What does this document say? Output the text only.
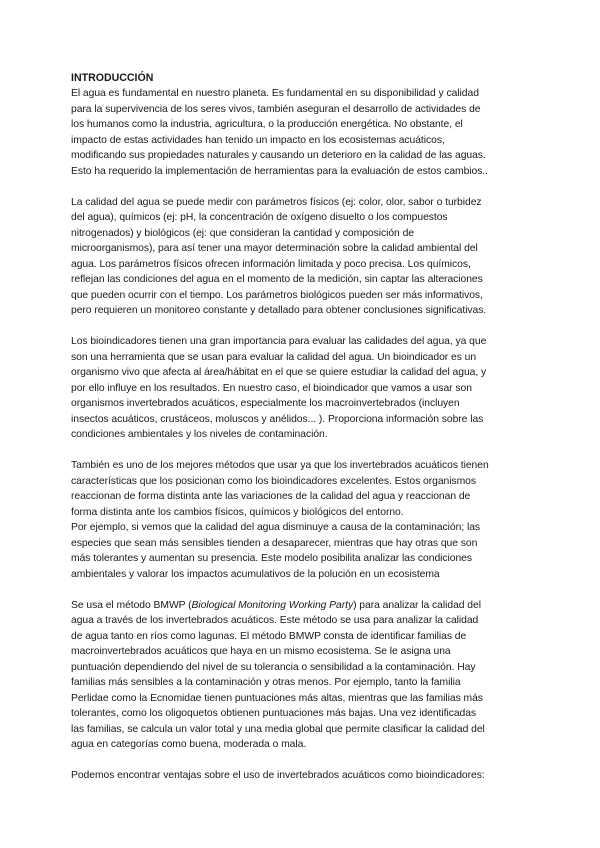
INTRODUCCIÓN

El agua es fundamental en nuestro planeta. Es fundamental en su disponibilidad y calidad
para la supervivencia de los seres vivos, también aseguran el desarrollo de actividades de
los humanos como la industria, agricultura, o la producción energética. No obstante, el
impacto de estas actividades han tenido un impacto en los ecosistemas acuáticos,
modificando sus propiedades naturales y causando un deterioro en la calidad de las aguas.
Esto ha requerido la implementación de herramientas para la evaluación de estos cambios..

La calidad del agua se puede medir con parámetros físicos (ej: color, olor, sabor o turbidez
del agua), químicos (ej: pH, la concentración de oxígeno disuelto o los compuestos
nitrogenados) y biológicos (ej: que consideran la cantidad y composición de
microorganismos), para así tener una mayor determinación sobre la calidad ambiental del
agua. Los parámetros físicos ofrecen información limitada y poco precisa. Los químicos,
reflejan las condiciones del agua en el momento de la medición, sin captar las alteraciones
que pueden ocurrir con el tiempo. Los parámetros biológicos pueden ser más informativos,
pero requieren un monitoreo constante y detallado para obtener conclusiones significativas.

Los bioindicadores tienen una gran importancia para evaluar las calidades del agua, ya que
son una herramienta que se usan para evaluar la calidad del agua. Un bioindicador es un
organismo vivo que afecta al área/hábitat en el que se quiere estudiar la calidad del agua, y
por ello influye en los resultados. En nuestro caso, el bioindicador que vamos a usar son
organismos invertebrados acuáticos, especialmente los macroinvertebrados (incluyen
insectos acuáticos, crustáceos, moluscos y anélidos... ). Proporciona información sobre las
condiciones ambientales y los niveles de contaminación.

También es uno de los mejores métodos que usar ya que los invertebrados acuáticos tienen
características que los posicionan como los bioindicadores excelentes. Estos organismos
reaccionan de forma distinta ante las variaciones de la calidad del agua y reaccionan de
forma distinta ante los cambios físicos, químicos y biológicos del entorno.

Por ejemplo, si vemos que la calidad del agua disminuye a causa de la contaminación; las
especies que sean más sensibles tienden a desaparecer, mientras que hay otras que son
más tolerantes y aumentan su presencia. Este modelo posibilita analizar las condiciones
ambientales y valorar los impactos acumulativos de la polución en un ecosistema

Se usa el método BMWP (Biological Monitoring Working Party) para analizar la calidad del
agua a través de los invertebrados acuáticos. Este método se usa para analizar la calidad
de agua tanto en ríos como lagunas. El método BMWP consta de identificar familias de
macroinvertebrados acuáticos que haya en un mismo ecosistema. Se le asigna una
puntuación dependiendo del nivel de su tolerancia o sensibilidad a la contaminación. Hay
familias más sensibles a la contaminación y otras menos. Por ejemplo, tanto la familia
Perlidae como la Ecnomidae tienen puntuaciones más altas, mientras que las familias más
tolerantes, como los oligoquetos obtienen puntuaciones más bajas. Una vez identificadas
las familias, se calcula un valor total y una media global que permite clasificar la calidad del
agua en categorías como buena, moderada o mala.

Podemos encontrar ventajas sobre el uso de invertebrados acuáticos como bioindicadores:
